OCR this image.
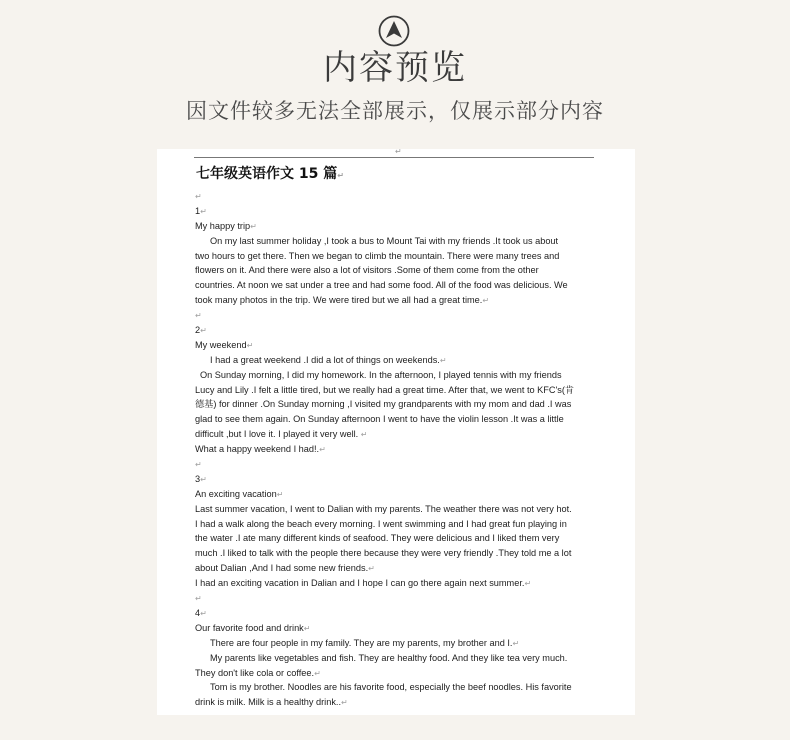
内容预览
因文件较多无法全部展示，仅展示部分内容
↵
七年级英语作文 15 篇↵
↵
1↵
My happy trip↵
On my last summer holiday ,I took a bus to Mount Tai with my friends .It took us about
two hours to get there. Then we began to climb the mountain. There were many trees and
flowers on it. And there were also a lot of visitors .Some of them come from the other
countries. At noon we sat under a tree and had some food. All of the food was delicious. We
took many photos in the trip. We were tired but we all had a great time.↵
↵
2↵
My weekend↵
I had a great weekend .I did a lot of things on weekends.↵
On Sunday morning, I did my homework. In the afternoon, I played tennis with my friends
Lucy and Lily .I felt a little tired, but we really had a great time. After that, we went to KFC's(肯
德基) for dinner .On Sunday morning ,I visited my grandparents with my mom and dad .I was
glad to see them again. On Sunday afternoon I went to have the violin lesson .It was a little
difficult ,but I love it. I played it very well. ↵
What a happy weekend I had!.↵
↵
3↵
An exciting vacation↵
Last summer vacation, I went to Dalian with my parents. The weather there was not very hot.
I had a walk along the beach every morning. I went swimming and I had great fun playing in
the water .I ate many different kinds of seafood. They were delicious and I liked them very
much .I liked to talk with the people there because they were very friendly .They told me a lot
about Dalian ,And I had some new friends.↵
I had an exciting vacation in Dalian and I hope I can go there again next summer.↵
↵
4↵
Our favorite food and drink↵
There are four people in my family. They are my parents, my brother and I.↵
My parents like vegetables and fish. They are healthy food. And they like tea very much.
They don't like cola or coffee.↵
Tom is my brother. Noodles are his favorite food, especially the beef noodles. His favorite
drink is milk. Milk is a healthy drink..↵
